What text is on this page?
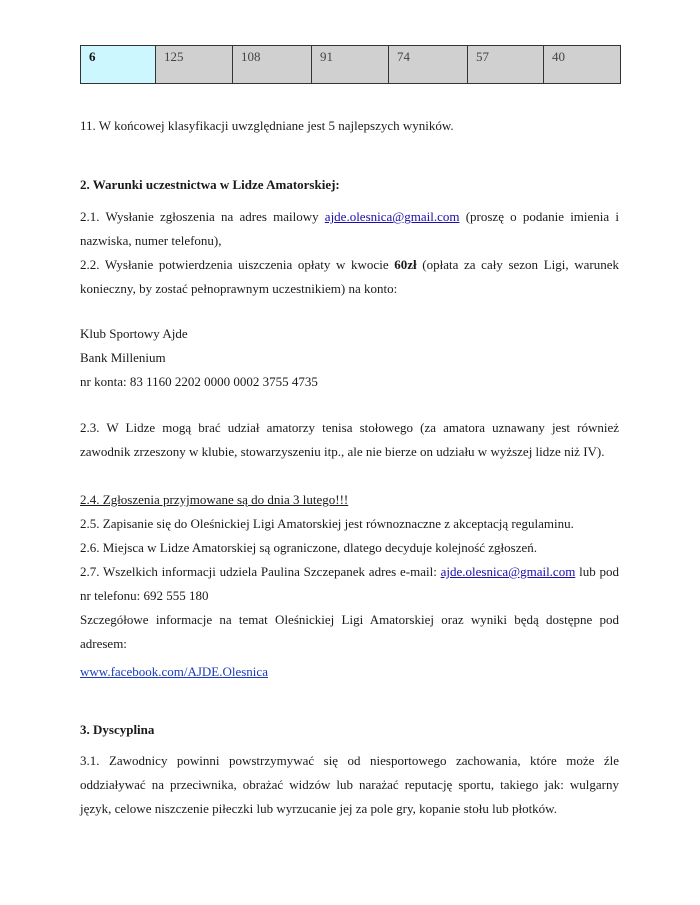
6	125	108	91	74	57	40

11. W końcowej klasyfikacji uwzględniane jest 5 najlepszych wyników.

2. Warunki uczestnictwa w Lidze Amatorskiej:

2.1. Wysłanie zgłoszenia na adres mailowy ajde.olesnica@gmail.com (proszę o podanie imienia i nazwiska, numer telefonu),

2.2. Wysłanie potwierdzenia uiszczenia opłaty w kwocie 60zł (opłata za cały sezon Ligi, warunek konieczny, by zostać pełnoprawnym uczestnikiem) na konto:

Klub Sportowy Ajde

Bank Millenium

nr konta: 83 1160 2202 0000 0002 3755 4735

2.3. W Lidze mogą brać udział amatorzy tenisa stołowego (za amatora uznawany jest również zawodnik zrzeszony w klubie, stowarzyszeniu itp., ale nie bierze on udziału w wyższej lidze niż IV).

2.4. Zgłoszenia przyjmowane są do dnia 3 lutego!!!

2.5. Zapisanie się do Oleśnickiej Ligi Amatorskiej jest równoznaczne z akceptacją regulaminu.

2.6. Miejsca w Lidze Amatorskiej są ograniczone, dlatego decyduje kolejność zgłoszeń.

2.7. Wszelkich informacji udziela Paulina Szczepanek adres e-mail: ajde.olesnica@gmail.com lub pod nr telefonu: 692 555 180

Szczegółowe informacje na temat Oleśnickiej Ligi Amatorskiej oraz wyniki będą dostępne pod adresem:

www.facebook.com/AJDE.Olesnica

3. Dyscyplina

3.1. Zawodnicy powinni powstrzymywać się od niesportowego zachowania, które może źle oddziaływać na przeciwnika, obrażać widzów lub narażać reputację sportu, takiego jak: wulgarny język, celowe niszczenie piłeczki lub wyrzucanie jej za pole gry, kopanie stołu lub płotków.
